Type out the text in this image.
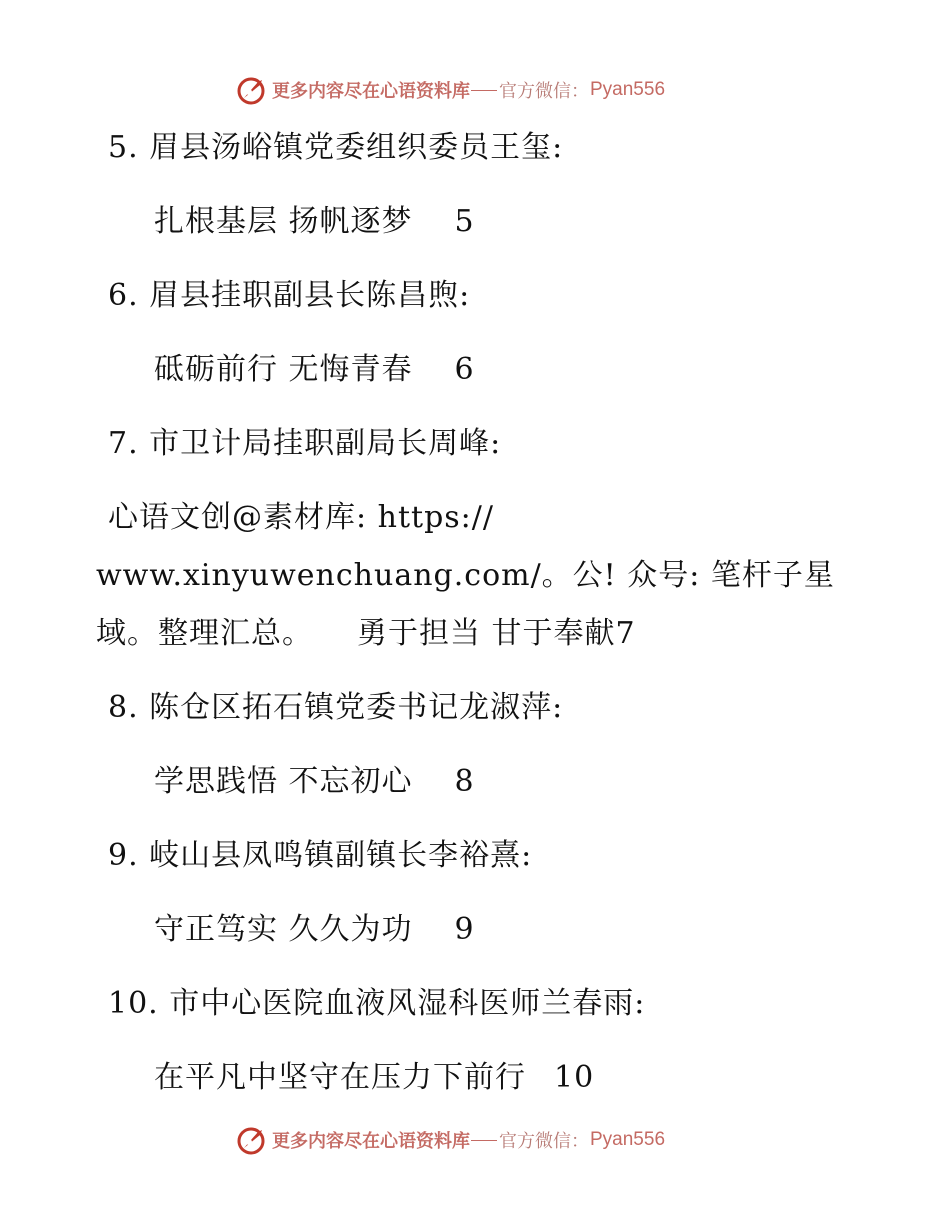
更多内容尽在心语资料库 官方微信： Pyan556
5. 眉县汤峪镇党委组织委员王玺:
扎根基层 扬帆逐梦 5
6. 眉县挂职副县长陈昌煦:
砥砺前行 无悔青春 6
7. 市卫计局挂职副局长周峰:
心语文创@素材库: https://
www.xinyuwenchuang.com/。公! 众号: 笔杆子星
域。整理汇总。 勇于担当 甘于奉献7
8. 陈仓区拓石镇党委书记龙淑萍:
学思践悟 不忘初心 8
9. 岐山县凤鸣镇副镇长李裕熹:
守正笃实 久久为功 9
10. 市中心医院血液风湿科医师兰春雨:
在平凡中坚守在压力下前行 10
更多内容尽在心语资料库 官方微信： Pyan556
